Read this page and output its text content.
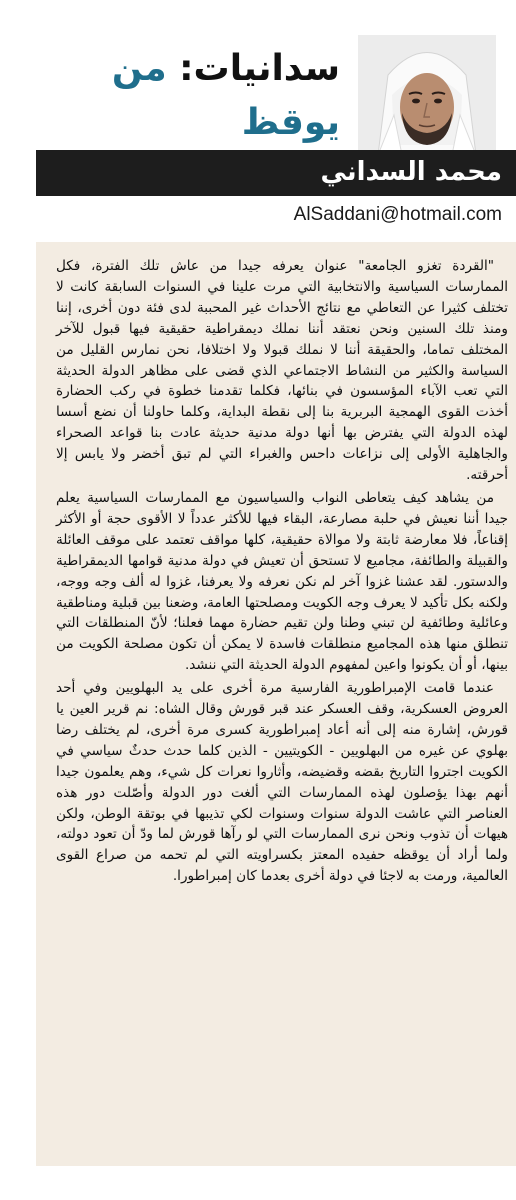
سدانيات: من يوقظ
محمد السداني
AlSaddani@hotmail.com

"القردة تغزو الجامعة" عنوان يعرفه جيدا من عاش تلك الفترة، فكل الممارسات السياسية والانتخابية التي مرت علينا في السنوات السابقة كانت لا تختلف كثيرا عن التعاطي مع نتائج الأحداث غير المحببة لدى فئة دون أخرى، إننا ومنذ تلك السنين ونحن نعتقد أننا نملك ديمقراطية حقيقية فيها قبول للآخر المختلف تماما، والحقيقة أننا لا نملك قبولا ولا اختلافا، نحن نمارس القليل من السياسة والكثير من النشاط الاجتماعي الذي قضى على مظاهر الدولة الحديثة التي تعب الآباء المؤسسون في بنائها، فكلما تقدمنا خطوة في ركب الحضارة أخذت القوى الهمجية البربرية بنا إلى نقطة البداية، وكلما حاولنا أن نضع أسسا لهذه الدولة التي يفترض بها أنها دولة مدنية حديثة عادت بنا قواعد الصحراء والجاهلية الأولى إلى نزاعات داحس والغبراء التي لم تبق أخضر ولا يابس إلا أحرقته.

من يشاهد كيف يتعاطى النواب والسياسيون مع الممارسات السياسية يعلم جيدا أننا نعيش في حلبة مصارعة، البقاء فيها للأكثر عدداً لا الأقوى حجة أو الأكثر إقناعاً، فلا معارضة ثابتة ولا موالاة حقيقية، كلها مواقف تعتمد على موقف العائلة والقبيلة والطائفة، مجاميع لا تستحق أن تعيش في دولة مدنية قوامها الديمقراطية والدستور. لقد عشنا غزوا آخر لم نكن نعرفه ولا يعرفنا، غزوا له ألف وجه ووجه، ولكنه بكل تأكيد لا يعرف وجه الكويت ومصلحتها العامة، وضعنا بين قبلية ومناطقية وعائلية وطائفية لن تبني وطنا ولن تقيم حضارة مهما فعلنا؛ لأنّ المنطلقات التي تنطلق منها هذه المجاميع منطلقات فاسدة لا يمكن أن تكون مصلحة الكويت من بينها، أو أن يكونوا واعين لمفهوم الدولة الحديثة التي ننشد.

عندما قامت الإمبراطورية الفارسية مرة أخرى على يد البهلويين وفي أحد العروض العسكرية، وقف العسكر عند قبر قورش وقال الشاه: نم قرير العين يا قورش، إشارة منه إلى أنه أعاد إمبراطورية كسرى مرة أخرى، لم يختلف رضا بهلوي عن غيره من البهلويين - الكويتيين - الذين كلما حدث حدثٌ سياسي في الكويت اجتروا التاريخ بقضه وقضيضه، وأثاروا نعرات كل شيء، وهم يعلمون جيدا أنهم بهذا يؤصلون لهذه الممارسات التي ألغت دور الدولة وأصّلت دور هذه العناصر التي عاشت الدولة سنوات وسنوات لكي تذيبها في بوتقة الوطن، ولكن هيهات أن تذوب ونحن نرى الممارسات التي لو رآها قورش لما ودّ أن تعود دولته، ولما أراد أن يوقظه حفيده المعتز بكسراويته التي لم تحمه من صراع القوى العالمية، ورمت به لاجئا في دولة أخرى بعدما كان إمبراطورا.
